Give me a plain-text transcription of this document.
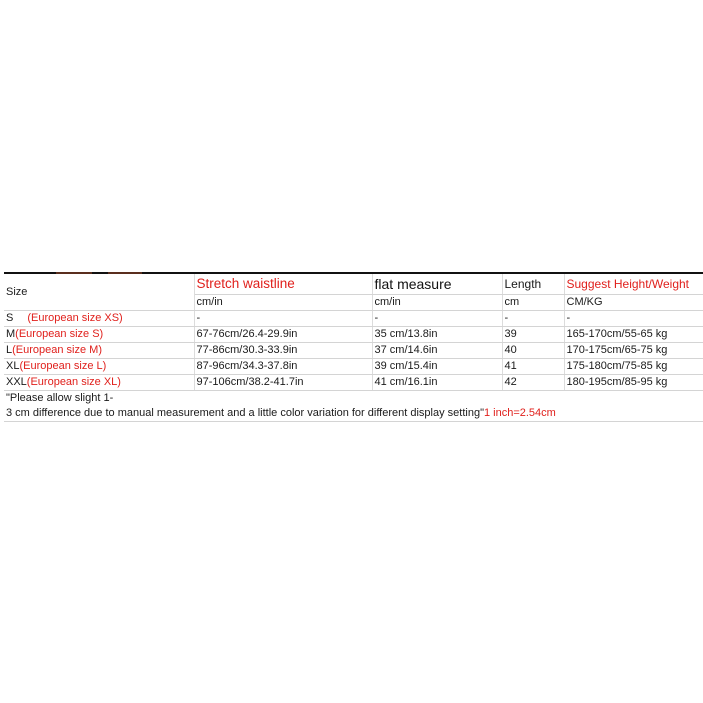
Size	Stretch waistline	flat measure	Length	Suggest Height/Weight
	cm/in	cm/in	cm	CM/KG
S (European size XS)	-	-	-	-
M(European size S)	67-76cm/26.4-29.9in	35 cm/13.8in	39	165-170cm/55-65 kg
L(European size M)	77-86cm/30.3-33.9in	37 cm/14.6in	40	170-175cm/65-75 kg
XL(European size L)	87-96cm/34.3-37.8in	39 cm/15.4in	41	175-180cm/75-85 kg
XXL(European size XL)	97-106cm/38.2-41.7in	41 cm/16.1in	42	180-195cm/85-95 kg
"Please allow slight 1-				
3 cm difference due to manual measurement and a little color variation for different display setting"1 inch=2.54cm				
